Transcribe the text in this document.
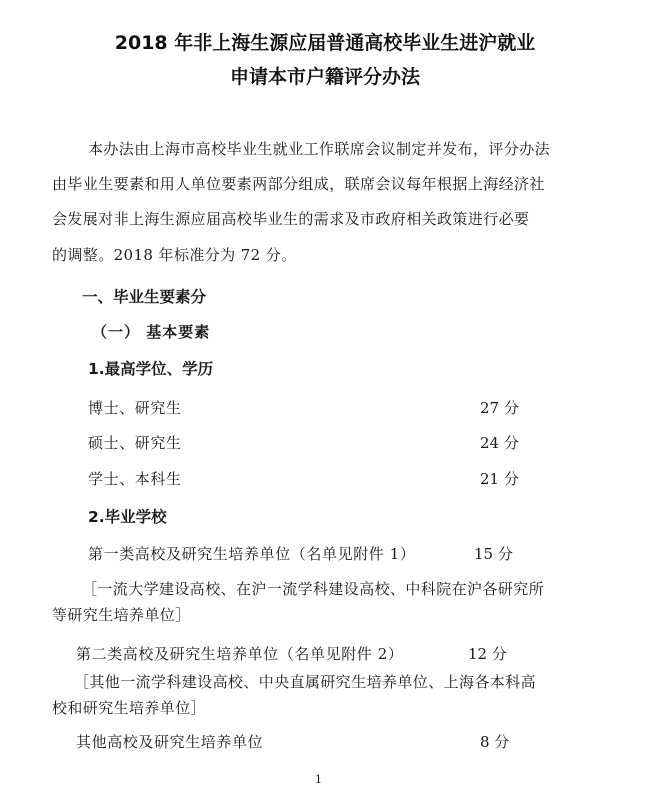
2018 年非上海生源应届普通高校毕业生进沪就业
申请本市户籍评分办法
本办法由上海市高校毕业生就业工作联席会议制定并发布，评分办法
由毕业生要素和用人单位要素两部分组成，联席会议每年根据上海经济社
会发展对非上海生源应届高校毕业生的需求及市政府相关政策进行必要
的调整。2018 年标准分为 72 分。
一、毕业生要素分
（一） 基本要素
1.最高学位、学历
博士、研究生	27 分
硕士、研究生	24 分
学士、本科生	21 分
2.毕业学校
第一类高校及研究生培养单位（名单见附件 1）	15 分
［一流大学建设高校、在沪一流学科建设高校、中科院在沪各研究所
等研究生培养单位］
第二类高校及研究生培养单位（名单见附件 2）	12 分
［其他一流学科建设高校、中央直属研究生培养单位、上海各本科高
校和研究生培养单位］
其他高校及研究生培养单位	8 分
1
